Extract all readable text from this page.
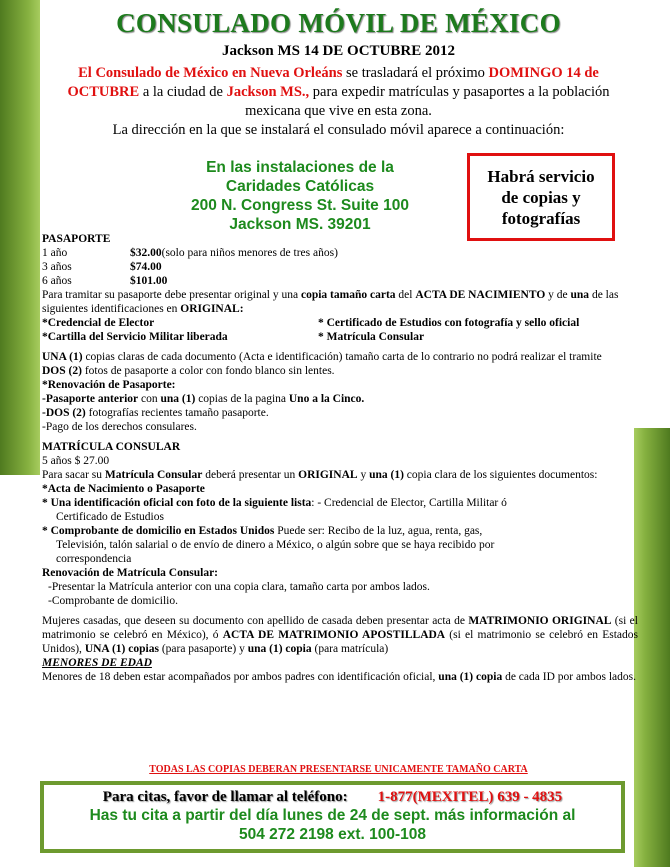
CONSULADO MÓVIL DE MÉXICO
Jackson MS 14 DE OCTUBRE 2012
El Consulado de México en Nueva Orleáns se trasladará el próximo DOMINGO 14 de OCTUBRE a la ciudad de Jackson MS., para expedir matrículas y pasaportes a la población mexicana que vive en esta zona.
La dirección en la que se instalará el consulado móvil aparece a continuación:
En las instalaciones de la
Caridades Católicas
200 N. Congress St. Suite 100
Jackson MS. 39201
Habrá servicio
de copias y
fotografías

PASAPORTE

1 año	$32.00 (solo para niños menores de tres años)
3 años	$74.00
6 años	$101.00

Para tramitar su pasaporte debe presentar original y una copia tamaño carta del ACTA DE NACIMIENTO y de una de las siguientes identificaciones en ORIGINAL:

*Credencial de Elector	* Certificado de Estudios con fotografía y sello oficial
*Cartilla del Servicio Militar liberada	* Matrícula Consular

UNA (1) copias claras de cada documento (Acta e identificación) tamaño carta de lo contrario no podrá realizar el tramite

DOS (2) fotos de pasaporte a color con fondo blanco sin lentes.

*Renovación de Pasaporte:

-Pasaporte anterior con una (1) copias de la pagina Uno a la Cinco.

-DOS (2) fotografías recientes tamaño pasaporte.

-Pago de los derechos consulares.

MATRÍCULA CONSULAR

5 años $ 27.00

Para sacar su Matrícula Consular deberá presentar un ORIGINAL y una (1) copia clara de los siguientes documentos:

*Acta de Nacimiento o Pasaporte

* Una identificación oficial con foto de la siguiente lista: - Credencial de Elector, Cartilla Militar ó

Certificado de Estudios

* Comprobante de domicilio en Estados Unidos Puede ser: Recibo de la luz, agua, renta, gas,

Televisión, talón salarial o de envío de dinero a México, o algún sobre que se haya recibido por

correspondencia

Renovación de Matrícula Consular:

-Presentar la Matrícula anterior con una copia clara, tamaño carta por ambos lados.

-Comprobante de domicilio.

Mujeres casadas, que deseen su documento con apellido de casada deben presentar acta de MATRIMONIO ORIGINAL (si el matrimonio se celebró en México), ó ACTA DE MATRIMONIO APOSTILLADA (si el matrimonio se celebró en Estados Unidos), UNA (1) copias (para pasaporte) y una (1) copia (para matrícula)

MENORES DE EDAD

Menores de 18 deben estar acompañados por ambos padres con identificación oficial, una (1) copia de cada ID por ambos lados.

TODAS LAS COPIAS DEBERAN PRESENTARSE UNICAMENTE TAMAÑO CARTA
Para citas, favor de llamar al teléfono: 1-877(MEXITEL) 639 - 4835
Has tu cita a partir del día lunes de 24 de sept. más información al
504 272 2198 ext. 100-108
